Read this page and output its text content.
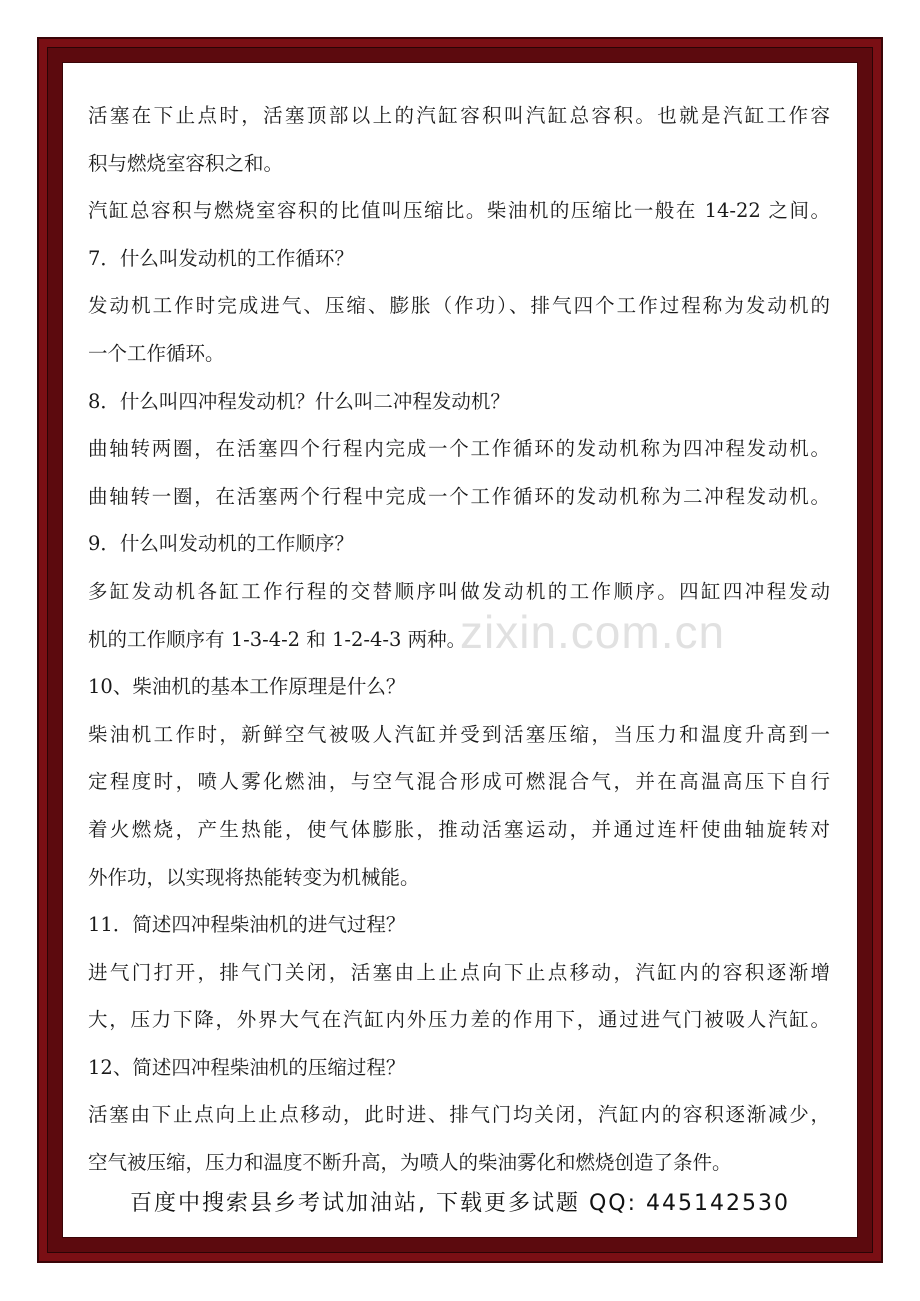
zixin.com.cn
活塞在下止点时，活塞顶部以上的汽缸容积叫汽缸总容积。也就是汽缸工作容
积与燃烧室容积之和。
汽缸总容积与燃烧室容积的比值叫压缩比。柴油机的压缩比一般在 14-22 之间。
7．什么叫发动机的工作循环？
发动机工作时完成进气、压缩、膨胀（作功）、排气四个工作过程称为发动机的
一个工作循环。
8．什么叫四冲程发动机？什么叫二冲程发动机？
曲轴转两圈，在活塞四个行程内完成一个工作循环的发动机称为四冲程发动机。
曲轴转一圈，在活塞两个行程中完成一个工作循环的发动机称为二冲程发动机。
9．什么叫发动机的工作顺序？
多缸发动机各缸工作行程的交替顺序叫做发动机的工作顺序。四缸四冲程发动
机的工作顺序有 1-3-4-2 和 1-2-4-3 两种。
10、柴油机的基本工作原理是什么？
柴油机工作时，新鲜空气被吸人汽缸并受到活塞压缩，当压力和温度升高到一
定程度时，喷人雾化燃油，与空气混合形成可燃混合气，并在高温高压下自行
着火燃烧，产生热能，使气体膨胀，推动活塞运动，并通过连杆使曲轴旋转对
外作功，以实现将热能转变为机械能。
11．简述四冲程柴油机的进气过程？
进气门打开，排气门关闭，活塞由上止点向下止点移动，汽缸内的容积逐渐增
大，压力下降，外界大气在汽缸内外压力差的作用下，通过进气门被吸人汽缸。
12、简述四冲程柴油机的压缩过程？
活塞由下止点向上止点移动，此时进、排气门均关闭，汽缸内的容积逐渐减少，
空气被压缩，压力和温度不断升高，为喷人的柴油雾化和燃烧创造了条件。
百度中搜索县乡考试加油站, 下载更多试题 QQ: 445142530
